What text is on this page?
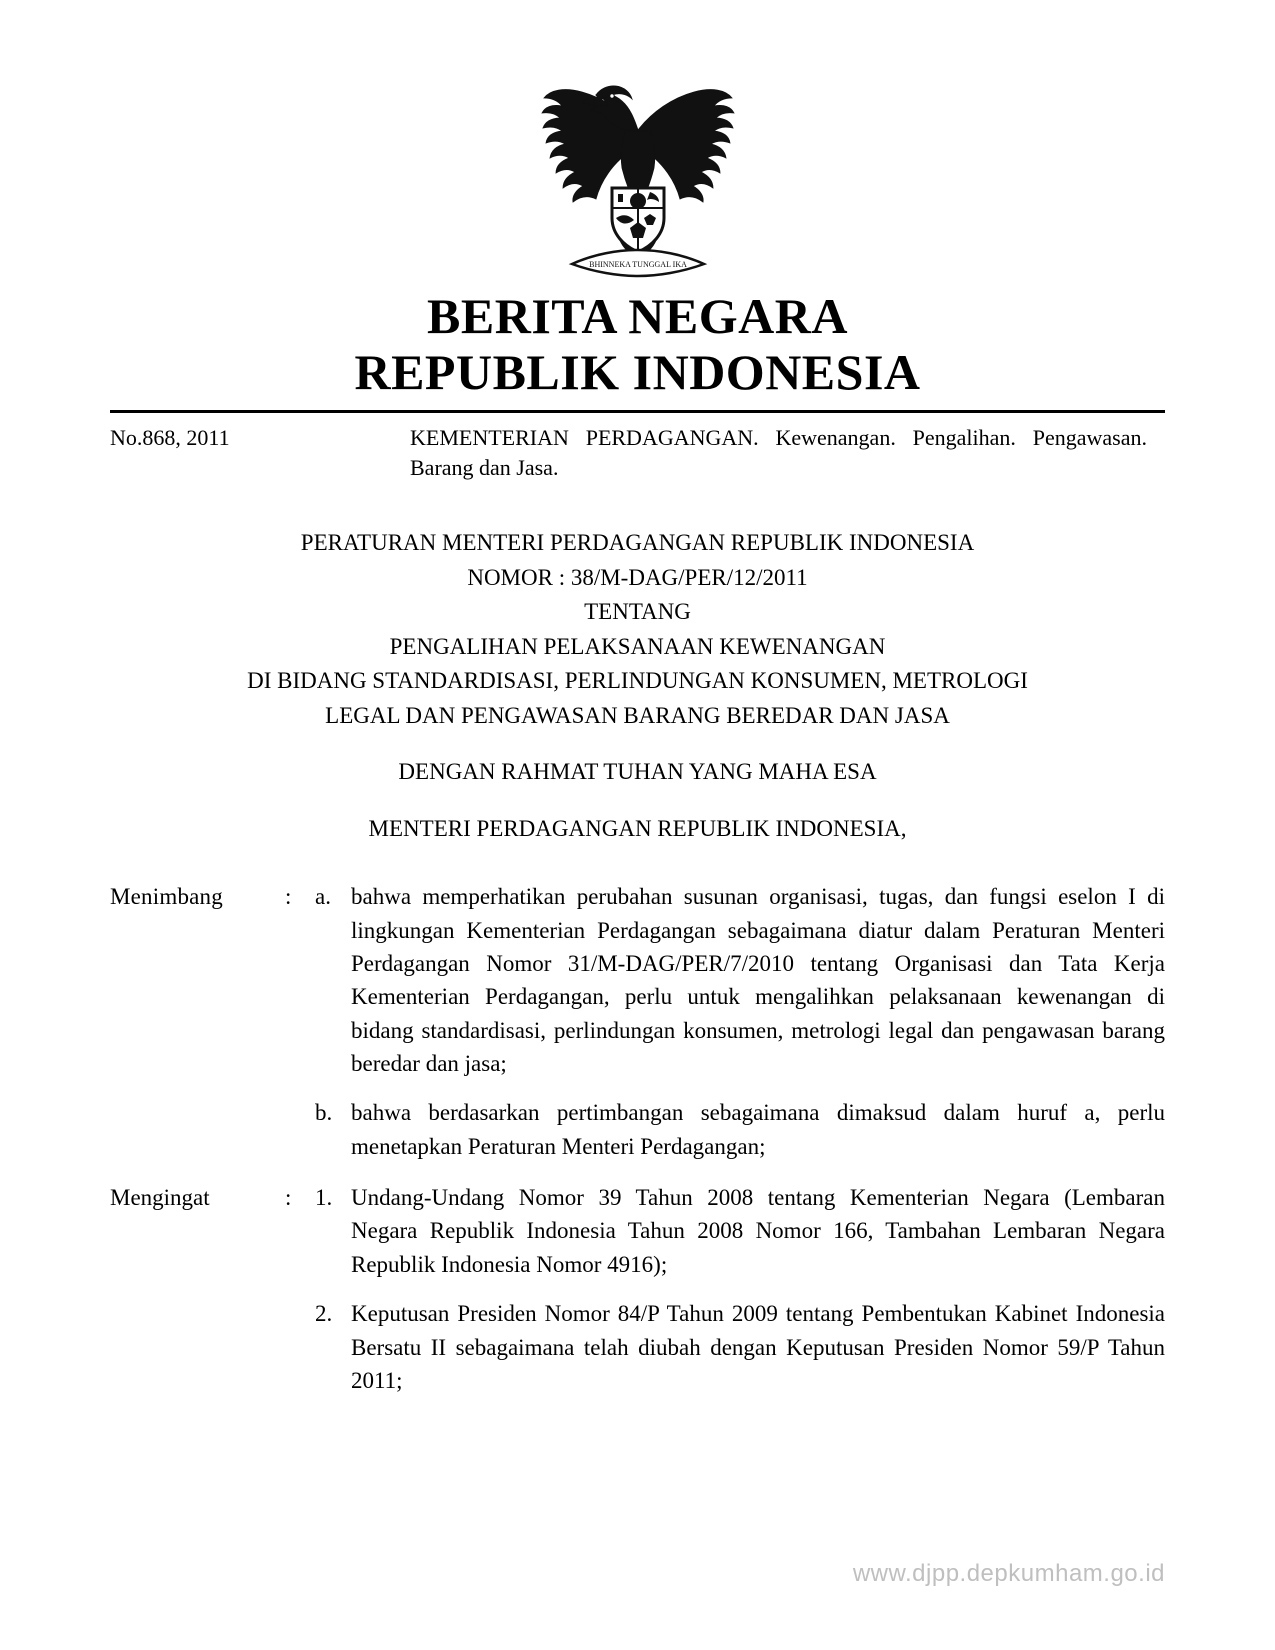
BHINNEKA TUNGGAL IKA
BERITA NEGARA
REPUBLIK INDONESIA
No.868, 2011	KEMENTERIAN PERDAGANGAN. Kewenangan. Pengalihan. Pengawasan. Barang dan Jasa.
PERATURAN MENTERI PERDAGANGAN REPUBLIK INDONESIA
NOMOR : 38/M-DAG/PER/12/2011
TENTANG
PENGALIHAN PELAKSANAAN KEWENANGAN
DI BIDANG STANDARDISASI, PERLINDUNGAN KONSUMEN, METROLOGI
LEGAL DAN PENGAWASAN BARANG BEREDAR DAN JASA
DENGAN RAHMAT TUHAN YANG MAHA ESA
MENTERI PERDAGANGAN REPUBLIK INDONESIA,
Menimbang	:	a. bahwa memperhatikan perubahan susunan organisasi, tugas, dan fungsi eselon I di lingkungan Kementerian Perdagangan sebagaimana diatur dalam Peraturan Menteri Perdagangan Nomor 31/M-DAG/PER/7/2010 tentang Organisasi dan Tata Kerja Kementerian Perdagangan, perlu untuk mengalihkan pelaksanaan kewenangan di bidang standardisasi, perlindungan konsumen, metrologi legal dan pengawasan barang beredar dan jasa;
b. bahwa berdasarkan pertimbangan sebagaimana dimaksud dalam huruf a, perlu menetapkan Peraturan Menteri Perdagangan;
Mengingat	:	1. Undang-Undang Nomor 39 Tahun 2008 tentang Kementerian Negara (Lembaran Negara Republik Indonesia Tahun 2008 Nomor 166, Tambahan Lembaran Negara Republik Indonesia Nomor 4916);
2. Keputusan Presiden Nomor 84/P Tahun 2009 tentang Pembentukan Kabinet Indonesia Bersatu II sebagaimana telah diubah dengan Keputusan Presiden Nomor 59/P Tahun 2011;
www.djpp.depkumham.go.id
